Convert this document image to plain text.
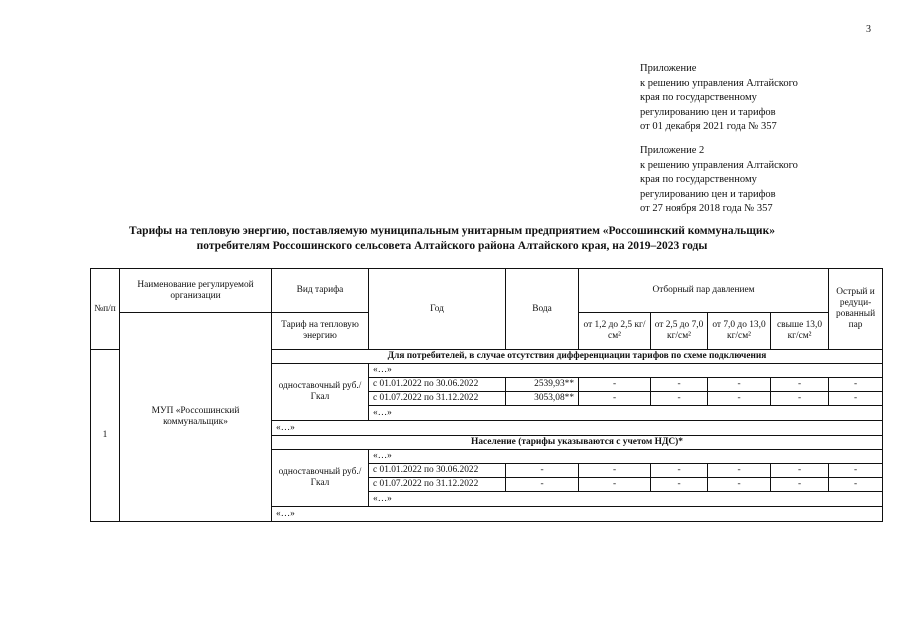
3
Приложение
к решению управления Алтайского
края по государственному
регулированию цен и тарифов
от 01 декабря 2021 года № 357
Приложение 2
к решению управления Алтайского
края по государственному
регулированию цен и тарифов
от 27 ноября 2018 года № 357
Тарифы на тепловую энергию, поставляемую муниципальным унитарным предприятием «Россошинский коммунальщик»
потребителям Россошинского сельсовета Алтайского района Алтайского края, на 2019–2023 годы
№п/п	Наименование регулируемой организации	Вид тарифа	Год	Вода	Отборный пар давлением				Острый и редуци-рованный пар
	МУП «Россошинский коммунальщик»	Тариф на тепловую энергию			от 1,2 до 2,5 кг/см²	от 2,5 до 7,0 кг/см²	от 7,0 до 13,0 кг/см²	свыше 13,0 кг/см²	
1		Для потребителей, в случае отсутствия дифференциации тарифов по схеме подключения							
		одноставочный руб./Гкал	«…»						
			с 01.01.2022 по 30.06.2022	2539,93**	-	-	-	-	-
			с 01.07.2022 по 31.12.2022	3053,08**	-	-	-	-	-
			«…»						
		«…»							
		Население (тарифы указываются с учетом НДС)*							
		одноставочный руб./Гкал	«…»						
			с 01.01.2022 по 30.06.2022	-	-	-	-	-	-
			с 01.07.2022 по 31.12.2022	-	-	-	-	-	-
			«…»						
		«…»							
